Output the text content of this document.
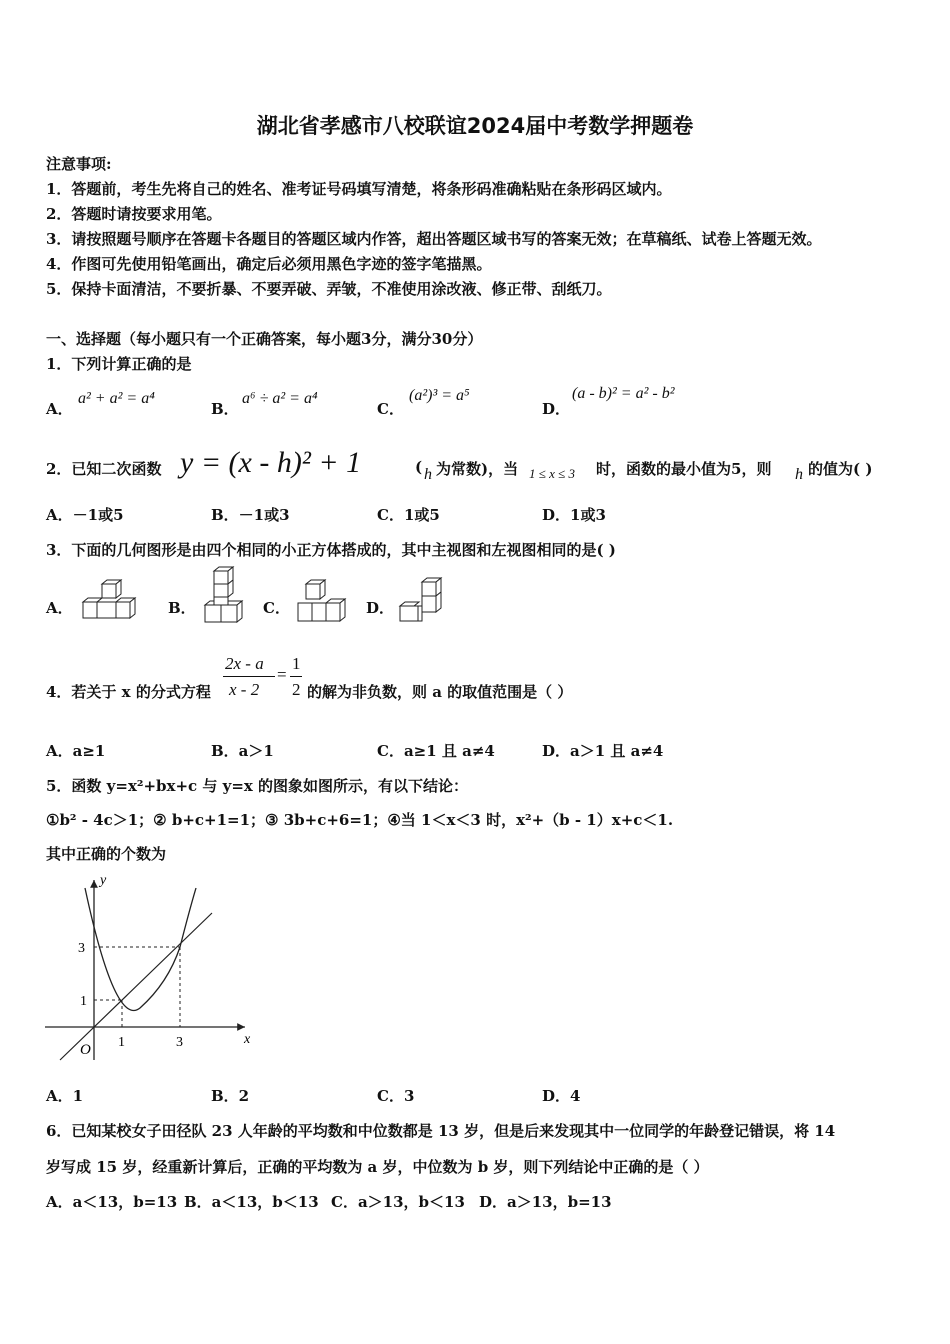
湖北省孝感市八校联谊2024届中考数学押题卷
注意事项:
1．答题前，考生先将自己的姓名、准考证号码填写清楚，将条形码准确粘贴在条形码区域内。
2．答题时请按要求用笔。
3．请按照题号顺序在答题卡各题目的答题区域内作答，超出答题区域书写的答案无效；在草稿纸、试卷上答题无效。
4．作图可先使用铅笔画出，确定后必须用黑色字迹的签字笔描黑。
5．保持卡面清洁，不要折暴、不要弄破、弄皱，不准使用涂改液、修正带、刮纸刀。
一、选择题（每小题只有一个正确答案，每小题3分，满分30分）
1．下列计算正确的是
A．
a² + a² = a⁴
B．
a⁶ ÷ a² = a⁴
C．
(a²)³ = a⁵
D．
(a - b)² = a² - b²
2．已知二次函数 y = (x - h)² + 1	( h 为常数)，当 1 ≤ x ≤ 3 时，函数的最小值为5，则 h 的值为( )
A．－1或5	B．－1或3	C．1或5	D．1或3
3．下面的几何图形是由四个相同的小正方体搭成的，其中主视图和左视图相同的是( )
A．	B．	C．	D．
4．若关于 x 的分式方程
2x - a
x - 2
=
1
2 的解为非负数，则 a 的取值范围是（ ）
A．a≥1	B．a＞1	C．a≥1 且 a≠4	D．a＞1 且 a≠4
5．函数 y=x²+bx+c 与 y=x 的图象如图所示，有以下结论：
①b² - 4c＞1；② b+c+1=1；③ 3b+c+6=1；④当 1＜x＜3 时，x²+（b - 1）x+c＜1.
其中正确的个数为
y
x
O
3
1
1	3
A．1	B．2	C．3	D．4
6．已知某校女子田径队 23 人年龄的平均数和中位数都是 13 岁，但是后来发现其中一位同学的年龄登记错误，将 14
岁写成 15 岁，经重新计算后，正确的平均数为 a 岁，中位数为 b 岁，则下列结论中正确的是（ ）
A．a＜13，b=13 B．a＜13，b＜13 C．a＞13，b＜13 D．a＞13，b=13
